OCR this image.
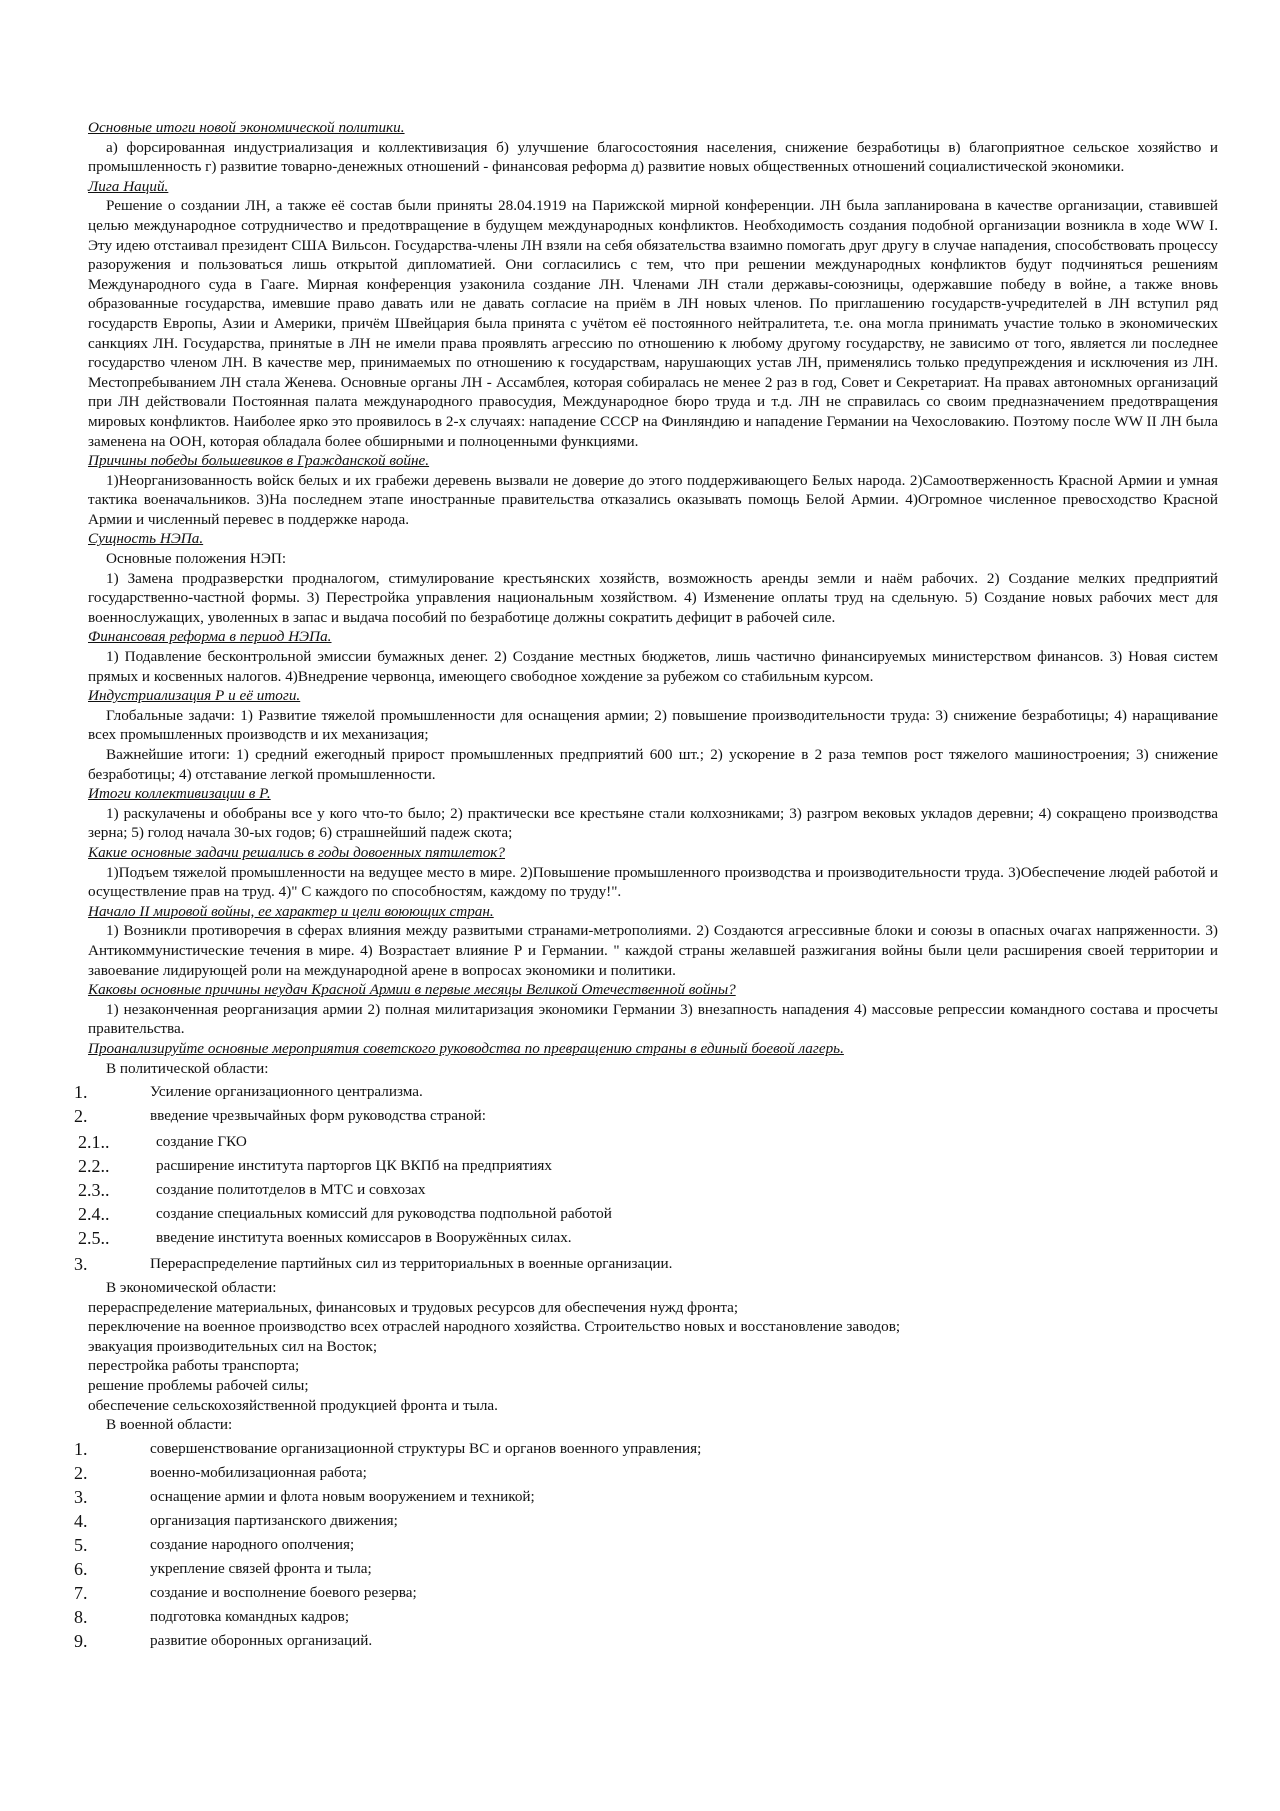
Основные итоги новой экономической политики.

а) форсированная индустриализация и коллективизация б) улучшение благосостояния населения, снижение безработицы в) благоприятное сельское хозяйство и промышленность г) развитие товарно-денежных отношений - финансовая реформа д) развитие новых общественных отношений социалистической экономики.

Лига Наций.

Решение о создании ЛН, а также её состав были приняты 28.04.1919 на Парижской мирной конференции. ЛН была запланирована в качестве организации, ставившей целью международное сотрудничество и предотвращение в будущем международных конфликтов. Необходимость создания подобной организации возникла в ходе WW I. Эту идею отстаивал президент США Вильсон. Государства-члены ЛН взяли на себя обязательства взаимно помогать друг другу в случае нападения, способствовать процессу разоружения и пользоваться лишь открытой дипломатией. Они согласились с тем, что при решении международных конфликтов будут подчиняться решениям Международного суда в Гааге. Мирная конференция узаконила создание ЛН. Членами ЛН стали державы-союзницы, одержавшие победу в войне, а также вновь образованные государства, имевшие право давать или не давать согласие на приём в ЛН новых членов. По приглашению государств-учредителей в ЛН вступил ряд государств Европы, Азии и Америки, причём Швейцария была принята с учётом её постоянного нейтралитета, т.е. она могла принимать участие только в экономических санкциях ЛН. Государства, принятые в ЛН не имели права проявлять агрессию по отношению к любому другому государству, не зависимо от того, является ли последнее государство членом ЛН. В качестве мер, принимаемых по отношению к государствам, нарушающих устав ЛН, применялись только предупреждения и исключения из ЛН. Местопребыванием ЛН стала Женева. Основные органы ЛН - Ассамблея, которая собиралась не менее 2 раз в год, Совет и Секретариат. На правах автономных организаций при ЛН действовали Постоянная палата международного правосудия, Международное бюро труда и т.д. ЛН не справилась со своим предназначением предотвращения мировых конфликтов. Наиболее ярко это проявилось в 2-х случаях: нападение СССР на Финляндию и нападение Германии на Чехословакию. Поэтому после WW II ЛН была заменена на ООН, которая обладала более обширными и полноценными функциями.

Причины победы большевиков в Гражданской войне.

1)Неорганизованность войск белых и их грабежи деревень вызвали не доверие до этого поддерживающего Белых народа. 2)Самоотверженность Красной Армии и умная тактика военачальников. 3)На последнем этапе иностранные правительства отказались оказывать помощь Белой Армии. 4)Огромное численное превосходство Красной Армии и численный перевес в поддержке народа.

Сущность НЭПа.

Основные положения НЭП:

1) Замена продразверстки продналогом, стимулирование крестьянских хозяйств, возможность аренды земли и наём рабочих. 2) Создание мелких предприятий государственно-частной формы. 3) Перестройка управления национальным хозяйством. 4) Изменение оплаты труд на сдельную. 5) Создание новых рабочих мест для военнослужащих, уволенных в запас и выдача пособий по безработице должны сократить дефицит в рабочей силе.

Финансовая реформа в период НЭПа.

1) Подавление бесконтрольной эмиссии бумажных денег. 2) Создание местных бюджетов, лишь частично финансируемых министерством финансов. 3) Новая систем прямых и косвенных налогов. 4)Внедрение червонца, имеющего свободное хождение за рубежом со стабильным курсом.

Индустриализация Р и её итоги.

Глобальные задачи: 1) Развитие тяжелой промышленности для оснащения армии; 2) повышение производительности труда: 3) снижение безработицы; 4) наращивание всех промышленных производств и их механизация;

Важнейшие итоги: 1) средний ежегодный прирост промышленных предприятий 600 шт.; 2) ускорение в 2 раза темпов рост тяжелого машиностроения; 3) снижение безработицы; 4) отставание легкой промышленности.

Итоги коллективизации в Р.

1) раскулачены и обобраны все у кого что-то было; 2) практически все крестьяне стали колхозниками; 3) разгром вековых укладов деревни; 4) сокращено производства зерна; 5) голод начала 30-ых годов; 6) страшнейший падеж скота;

Какие основные задачи решались в годы довоенных пятилеток?

1)Подъем тяжелой промышленности на ведущее место в мире. 2)Повышение промышленного производства и производительности труда. 3)Обеспечение людей работой и осуществление прав на труд. 4)" С каждого по способностям, каждому по труду!".

Начало II мировой войны, ее характер и цели воюющих стран.

1) Возникли противоречия в сферах влияния между развитыми странами-метрополиями. 2) Создаются агрессивные блоки и союзы в опасных очагах напряженности. 3) Антикоммунистические течения в мире. 4) Возрастает влияние Р и Германии. " каждой страны желавшей разжигания войны были цели расширения своей территории и завоевание лидирующей роли на международной арене в вопросах экономики и политики.

Каковы основные причины неудач Красной Армии в первые месяцы Великой Отечественной войны?

1) незаконченная реорганизация армии 2) полная милитаризация экономики Германии 3) внезапность нападения 4) массовые репрессии командного состава и просчеты правительства.

Проанализируйте основные мероприятия советского руководства по превращению страны в единый боевой лагерь.

В политической области:

1.	Усиление организационного централизма.
2.	введение чрезвычайных форм руководства страной:
2.1..	создание ГКО
2.2..	расширение института парторгов ЦК ВКПб на предприятиях
2.3..	создание политотделов в МТС и совхозах
2.4..	создание специальных комиссий для руководства подпольной работой
2.5..	введение института военных комиссаров в Вооружённых силах.
3.	Перераспределение партийных сил из территориальных в военные организации.

В экономической области:

перераспределение материальных, финансовых и трудовых ресурсов для обеспечения нужд фронта;

переключение на военное производство всех отраслей народного хозяйства. Строительство новых и восстановление заводов;

эвакуация производительных сил на Восток;

перестройка работы транспорта;

решение проблемы рабочей силы;

обеспечение сельскохозяйственной продукцией фронта и тыла.

В военной области:

1.	совершенствование организационной структуры ВС и органов военного управления;
2.	военно-мобилизационная работа;
3.	оснащение армии и флота новым вооружением и техникой;
4.	организация партизанского движения;
5.	создание народного ополчения;
6.	укрепление связей фронта и тыла;
7.	создание и восполнение боевого резерва;
8.	подготовка командных кадров;
9.	развитие оборонных организаций.
